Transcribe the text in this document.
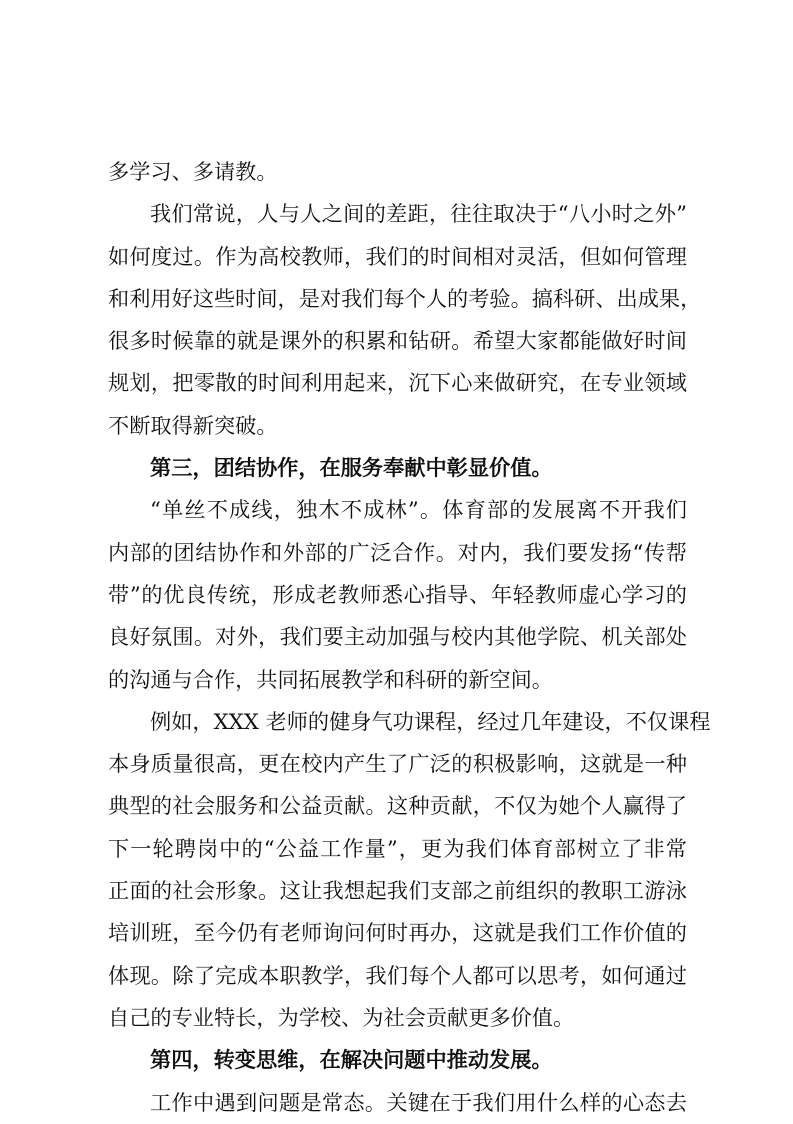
多学习、多请教。
我们常说，人与人之间的差距，往往取决于“八小时之外”
如何度过。作为高校教师，我们的时间相对灵活，但如何管理
和利用好这些时间，是对我们每个人的考验。搞科研、出成果，
很多时候靠的就是课外的积累和钻研。希望大家都能做好时间
规划，把零散的时间利用起来，沉下心来做研究，在专业领域
不断取得新突破。
第三，团结协作，在服务奉献中彰显价值。
“单丝不成线，独木不成林”。体育部的发展离不开我们
内部的团结协作和外部的广泛合作。对内，我们要发扬“传帮
带”的优良传统，形成老教师悉心指导、年轻教师虚心学习的
良好氛围。对外，我们要主动加强与校内其他学院、机关部处
的沟通与合作，共同拓展教学和科研的新空间。
例如，XXX 老师的健身气功课程，经过几年建设，不仅课程
本身质量很高，更在校内产生了广泛的积极影响，这就是一种
典型的社会服务和公益贡献。这种贡献，不仅为她个人赢得了
下一轮聘岗中的“公益工作量”，更为我们体育部树立了非常
正面的社会形象。这让我想起我们支部之前组织的教职工游泳
培训班，至今仍有老师询问何时再办，这就是我们工作价值的
体现。除了完成本职教学，我们每个人都可以思考，如何通过
自己的专业特长，为学校、为社会贡献更多价值。
第四，转变思维，在解决问题中推动发展。
工作中遇到问题是常态。关键在于我们用什么样的心态去
